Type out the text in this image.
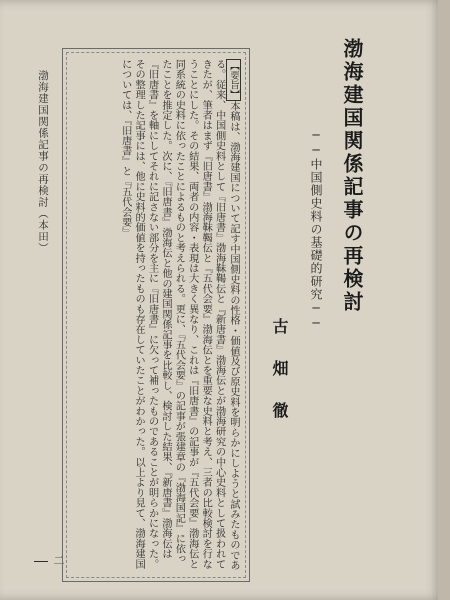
渤海建国関係記事の再検討（本田）
二
【要旨】本稿は、渤海建国について記す中国側史料の性格・価値及び原史料を明らかにしようと試みたものである。従来、中国側史料として『旧唐書』渤海靺鞨伝と『新唐書』渤海伝とが渤海研究の中心史料として扱われてきたが、筆者はまず『旧唐書』渤海靺鞨伝と『五代会要』渤海伝とを重要な史料と考え、三者の比較検討を行なうことにした。その結果、両者の内容・表現は大きく異なり、これは『旧唐書』の記事が『五代会要』渤海伝と同系統の史料に依ったことによるものと考えられる。更に、『五代会要』の記事が張建章の『渤海国記』に依ったことを推定した。次に、『旧唐書』渤海伝と他の建国関係記事を比較し、検討した結果、『新唐書』渤海伝は『旧唐書』を軸にしてそれに記さない部分を主に『旧唐書』に欠って補ったものであることが明らかになった。その整理した記事には、他に史料的価値を持ったものも存在していたことがわかった。以上より見て、渤海建国については、『旧唐書』と『五代会要』	渤海建国関係記事の再検討
──中国側史料の基礎的研究──
古畑徹
